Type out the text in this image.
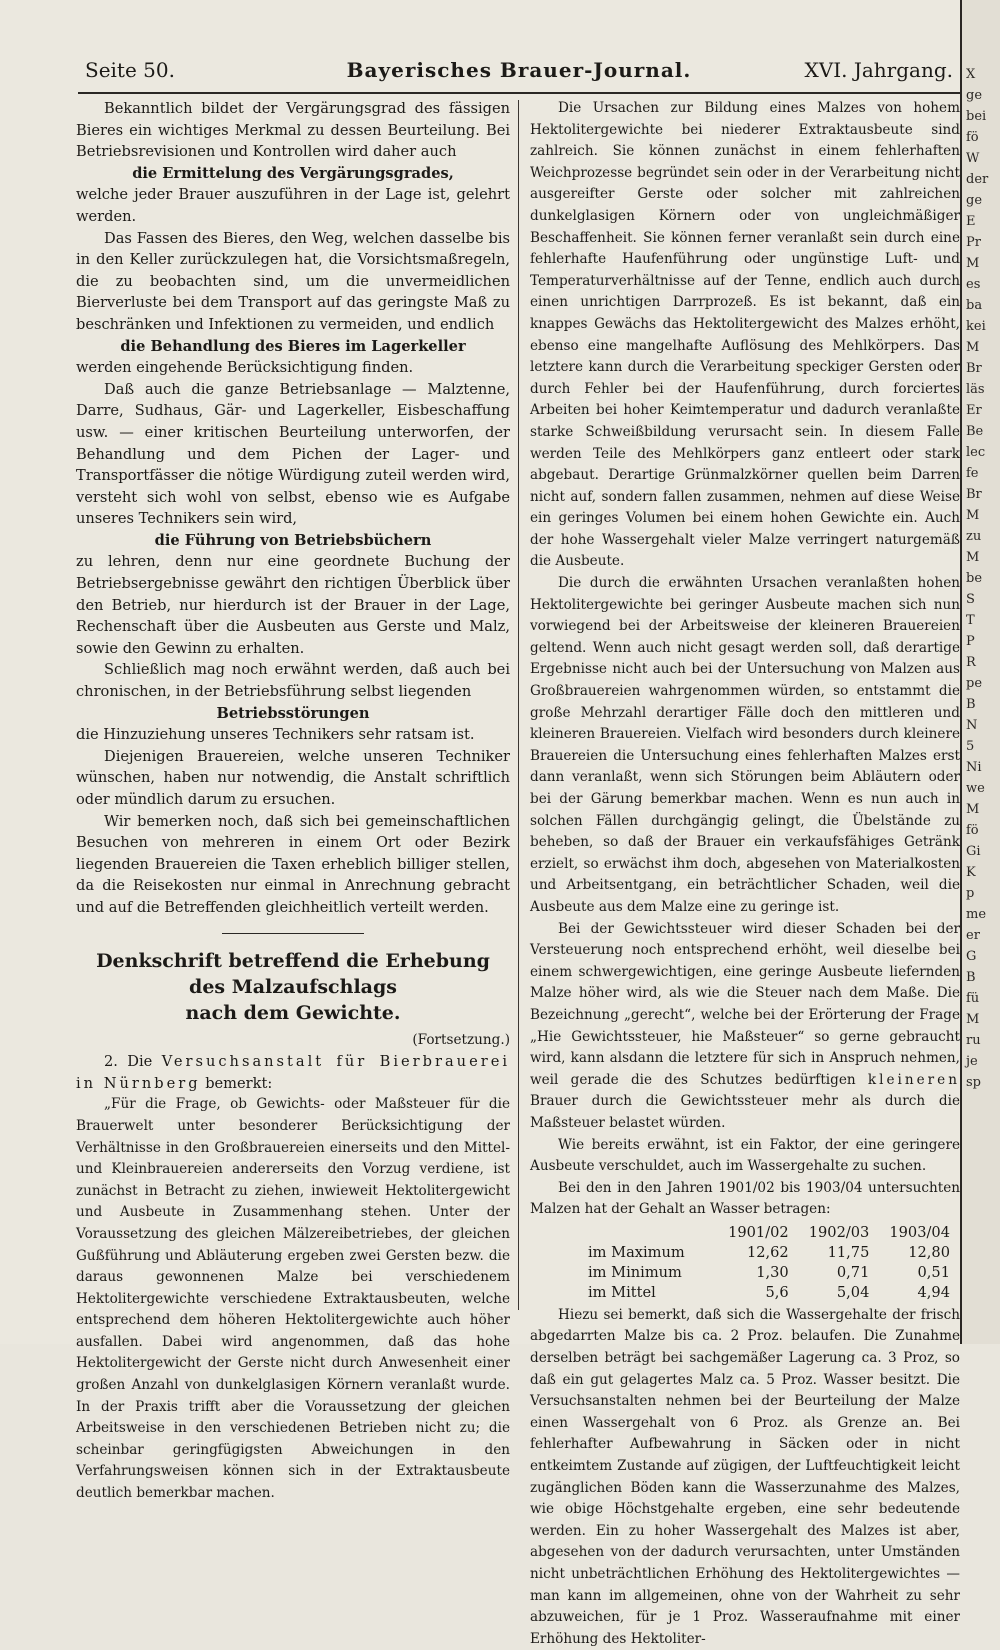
Seite 50.	Bayerisches Brauer-Journal.	XVI. Jahrgang.

Bekanntlich bildet der Vergärungsgrad des fässigen Bieres ein wichtiges Merkmal zu dessen Beurteilung. Bei Betriebsrevisionen und Kontrollen wird daher auch

die Ermittelung des Vergärungsgrades,

welche jeder Brauer auszuführen in der Lage ist, gelehrt werden.

Das Fassen des Bieres, den Weg, welchen dasselbe bis in den Keller zurückzulegen hat, die Vorsichtsmaßregeln, die zu beobachten sind, um die unvermeidlichen Bierverluste bei dem Transport auf das geringste Maß zu beschränken und Infektionen zu vermeiden, und endlich

die Behandlung des Bieres im Lagerkeller

werden eingehende Berücksichtigung finden.

Daß auch die ganze Betriebsanlage — Malztenne, Darre, Sudhaus, Gär- und Lagerkeller, Eisbeschaffung usw. — einer kritischen Beurteilung unterworfen, der Behandlung und dem Pichen der Lager- und Transportfässer die nötige Würdigung zuteil werden wird, versteht sich wohl von selbst, ebenso wie es Aufgabe unseres Technikers sein wird,

die Führung von Betriebsbüchern

zu lehren, denn nur eine geordnete Buchung der Betriebsergebnisse gewährt den richtigen Überblick über den Betrieb, nur hierdurch ist der Brauer in der Lage, Rechenschaft über die Ausbeuten aus Gerste und Malz, sowie den Gewinn zu erhalten.

Schließlich mag noch erwähnt werden, daß auch bei chronischen, in der Betriebsführung selbst liegenden

Betriebsstörungen

die Hinzuziehung unseres Technikers sehr ratsam ist.

Diejenigen Brauereien, welche unseren Techniker wünschen, haben nur notwendig, die Anstalt schriftlich oder mündlich darum zu ersuchen.

Wir bemerken noch, daß sich bei gemeinschaftlichen Besuchen von mehreren in einem Ort oder Bezirk liegenden Brauereien die Taxen erheblich billiger stellen, da die Reisekosten nur einmal in Anrechnung gebracht und auf die Betreffenden gleichheitlich verteilt werden.

Denkschrift betreffend die Erhebung des Malzaufschlags
nach dem Gewichte.

(Fortsetzung.)

2. Die Versuchsanstalt für Bierbrauerei in Nürnberg bemerkt:

„Für die Frage, ob Gewichts- oder Maßsteuer für die Brauerwelt unter besonderer Berücksichtigung der Verhältnisse in den Großbrauereien einerseits und den Mittel- und Kleinbrauereien andererseits den Vorzug verdiene, ist zunächst in Betracht zu ziehen, inwieweit Hektolitergewicht und Ausbeute in Zusammenhang stehen. Unter der Voraussetzung des gleichen Mälzereibetriebes, der gleichen Gußführung und Abläuterung ergeben zwei Gersten bezw. die daraus gewonnenen Malze bei verschiedenem Hektolitergewichte verschiedene Extraktausbeuten, welche entsprechend dem höheren Hektolitergewichte auch höher ausfallen. Dabei wird angenommen, daß das hohe Hektolitergewicht der Gerste nicht durch Anwesenheit einer großen Anzahl von dunkelglasigen Körnern veranlaßt wurde. In der Praxis trifft aber die Voraussetzung der gleichen Arbeitsweise in den verschiedenen Betrieben nicht zu; die scheinbar geringfügigsten Abweichungen in den Verfahrungsweisen können sich in der Extraktausbeute deutlich bemerkbar machen.

Die Ursachen zur Bildung eines Malzes von hohem Hektolitergewichte bei niederer Extraktausbeute sind zahlreich. Sie können zunächst in einem fehlerhaften Weichprozesse begründet sein oder in der Verarbeitung nicht ausgereifter Gerste oder solcher mit zahlreichen dunkelglasigen Körnern oder von ungleichmäßiger Beschaffenheit. Sie können ferner veranlaßt sein durch eine fehlerhafte Haufenführung oder ungünstige Luft- und Temperaturverhältnisse auf der Tenne, endlich auch durch einen unrichtigen Darrprozeß. Es ist bekannt, daß ein knappes Gewächs das Hektolitergewicht des Malzes erhöht, ebenso eine mangelhafte Auflösung des Mehlkörpers. Das letztere kann durch die Verarbeitung speckiger Gersten oder durch Fehler bei der Haufenführung, durch forciertes Arbeiten bei hoher Keimtemperatur und dadurch veranlaßte starke Schweißbildung verursacht sein. In diesem Falle werden Teile des Mehlkörpers ganz entleert oder stark abgebaut. Derartige Grünmalzkörner quellen beim Darren nicht auf, sondern fallen zusammen, nehmen auf diese Weise ein geringes Volumen bei einem hohen Gewichte ein. Auch der hohe Wassergehalt vieler Malze verringert naturgemäß die Ausbeute.

Die durch die erwähnten Ursachen veranlaßten hohen Hektolitergewichte bei geringer Ausbeute machen sich nun vorwiegend bei der Arbeitsweise der kleineren Brauereien geltend. Wenn auch nicht gesagt werden soll, daß derartige Ergebnisse nicht auch bei der Untersuchung von Malzen aus Großbrauereien wahrgenommen würden, so entstammt die große Mehrzahl derartiger Fälle doch den mittleren und kleineren Brauereien. Vielfach wird besonders durch kleinere Brauereien die Untersuchung eines fehlerhaften Malzes erst dann veranlaßt, wenn sich Störungen beim Abläutern oder bei der Gärung bemerkbar machen. Wenn es nun auch in solchen Fällen durchgängig gelingt, die Übelstände zu beheben, so daß der Brauer ein verkaufsfähiges Getränk erzielt, so erwächst ihm doch, abgesehen von Materialkosten und Arbeitsentgang, ein beträchtlicher Schaden, weil die Ausbeute aus dem Malze eine zu geringe ist.

Bei der Gewichtssteuer wird dieser Schaden bei der Versteuerung noch entsprechend erhöht, weil dieselbe bei einem schwergewichtigen, eine geringe Ausbeute liefernden Malze höher wird, als wie die Steuer nach dem Maße. Die Bezeichnung „gerecht“, welche bei der Erörterung der Frage „Hie Gewichtssteuer, hie Maßsteuer“ so gerne gebraucht wird, kann alsdann die letztere für sich in Anspruch nehmen, weil gerade die des Schutzes bedürftigen kleineren Brauer durch die Gewichtssteuer mehr als durch die Maßsteuer belastet würden.

Wie bereits erwähnt, ist ein Faktor, der eine geringere Ausbeute verschuldet, auch im Wassergehalte zu suchen.

Bei den in den Jahren 1901/02 bis 1903/04 untersuchten Malzen hat der Gehalt an Wasser betragen:

	1901/02	1902/03	1903/04
im Maximum	12,62	11,75	12,80
im Minimum	1,30	0,71	0,51
im Mittel	5,6	5,04	4,94

Hiezu sei bemerkt, daß sich die Wassergehalte der frisch abgedarrten Malze bis ca. 2 Proz. belaufen. Die Zunahme derselben beträgt bei sachgemäßer Lagerung ca. 3 Proz, so daß ein gut gelagertes Malz ca. 5 Proz. Wasser besitzt. Die Versuchsanstalten nehmen bei der Beurteilung der Malze einen Wassergehalt von 6 Proz. als Grenze an. Bei fehlerhafter Aufbewahrung in Säcken oder in nicht entkeimtem Zustande auf zügigen, der Luftfeuchtigkeit leicht zugänglichen Böden kann die Wasserzunahme des Malzes, wie obige Höchstgehalte ergeben, eine sehr bedeutende werden. Ein zu hoher Wassergehalt des Malzes ist aber, abgesehen von der dadurch verursachten, unter Umständen nicht unbeträchtlichen Erhöhung des Hektolitergewichtes — man kann im allgemeinen, ohne von der Wahrheit zu sehr abzuweichen, für je 1 Proz. Wasseraufnahme mit einer Erhöhung des Hektoliter-

X
ge
bei
fö
W
der
ge
E
Pr
M
es
ba
kei
M
Br
läs
Er
Be
lec
fe
Br
M
zu
M
be
S
T
P
R
pe
B
N
5
Ni
we
M
fö
Gi
K
p
me
er
G
B
fü
M
ru
je
sp
